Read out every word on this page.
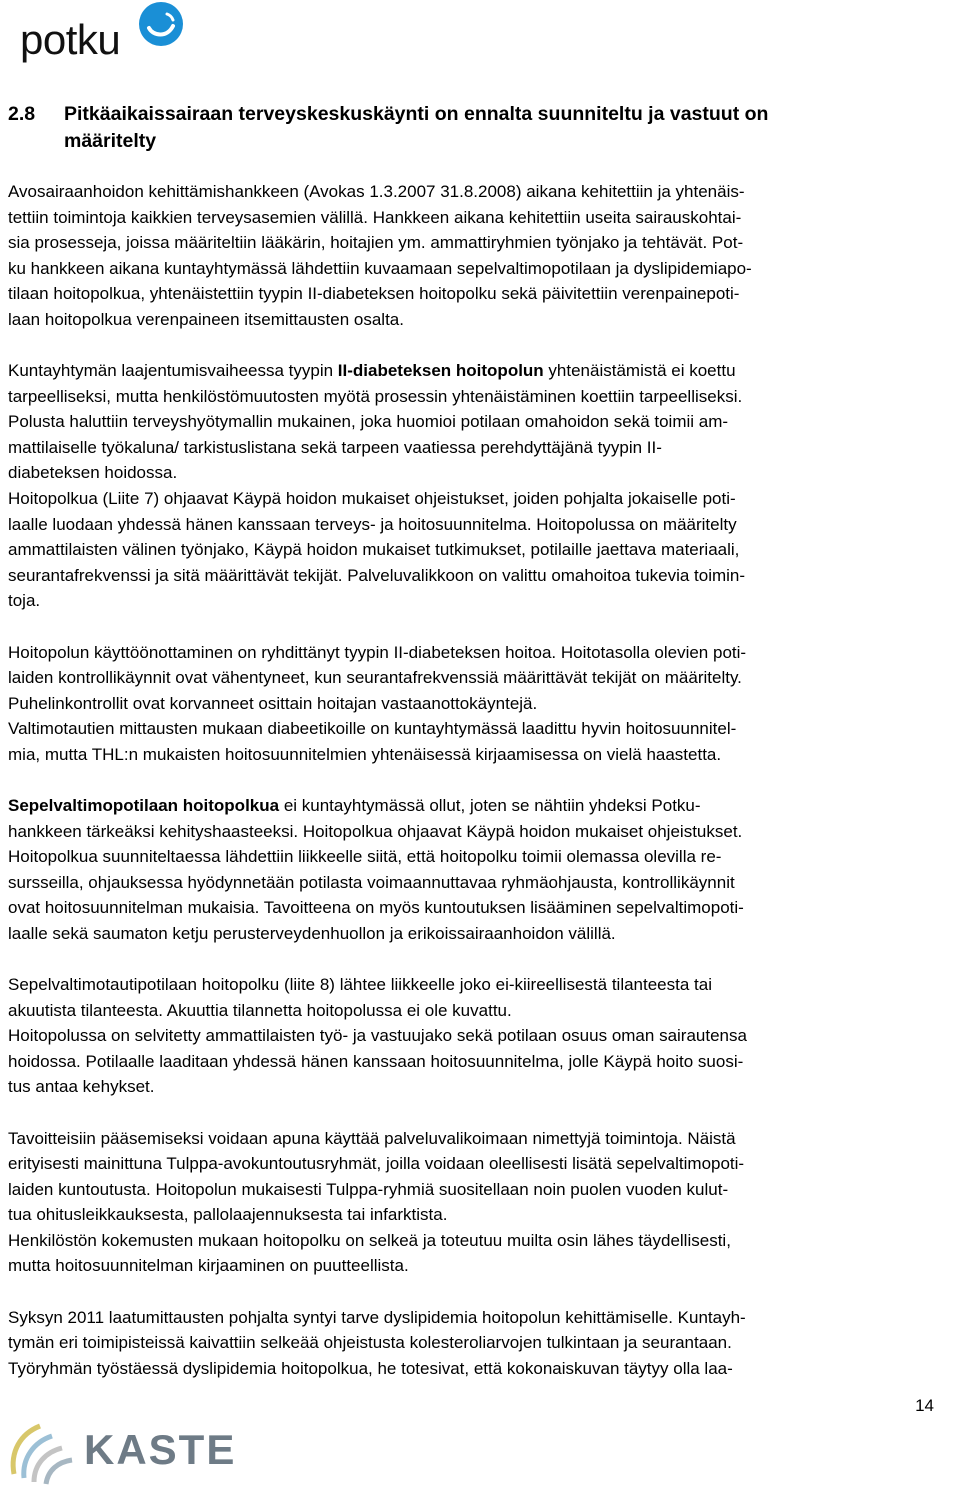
potku
2.8 Pitkäaikaissairaan terveyskeskuskäynti on ennalta suunniteltu ja vastuut on
määritelty

Avosairaanhoidon kehittämishankkeen (Avokas 1.3.2007 31.8.2008) aikana kehitettiin ja yhtenäis-

tettiin toimintoja kaikkien terveysasemien välillä. Hankkeen aikana kehitettiin useita sairauskohtai-

sia prosesseja, joissa määriteltiin lääkärin, hoitajien ym. ammattiryhmien työnjako ja tehtävät. Pot-

ku hankkeen aikana kuntayhtymässä lähdettiin kuvaamaan sepelvaltimopotilaan ja dyslipidemiapo-

tilaan hoitopolkua, yhtenäistettiin tyypin II-diabeteksen hoitopolku sekä päivitettiin verenpainepoti-

laan hoitopolkua verenpaineen itsemittausten osalta.

Kuntayhtymän laajentumisvaiheessa tyypin II-diabeteksen hoitopolun yhtenäistämistä ei koettu

tarpeelliseksi, mutta henkilöstömuutosten myötä prosessin yhtenäistäminen koettiin tarpeelliseksi.

Polusta haluttiin terveyshyötymallin mukainen, joka huomioi potilaan omahoidon sekä toimii am-

mattilaiselle työkaluna/ tarkistuslistana sekä tarpeen vaatiessa perehdyttäjänä tyypin II-

diabeteksen hoidossa.

Hoitopolkua (Liite 7) ohjaavat Käypä hoidon mukaiset ohjeistukset, joiden pohjalta jokaiselle poti-

laalle luodaan yhdessä hänen kanssaan terveys- ja hoitosuunnitelma. Hoitopolussa on määritelty

ammattilaisten välinen työnjako, Käypä hoidon mukaiset tutkimukset, potilaille jaettava materiaali,

seurantafrekvenssi ja sitä määrittävät tekijät. Palveluvalikkoon on valittu omahoitoa tukevia toimin-

toja.

Hoitopolun käyttöönottaminen on ryhdittänyt tyypin II-diabeteksen hoitoa. Hoitotasolla olevien poti-

laiden kontrollikäynnit ovat vähentyneet, kun seurantafrekvenssiä määrittävät tekijät on määritelty.

Puhelinkontrollit ovat korvanneet osittain hoitajan vastaanottokäyntejä.

Valtimotautien mittausten mukaan diabeetikoille on kuntayhtymässä laadittu hyvin hoitosuunnitel-

mia, mutta THL:n mukaisten hoitosuunnitelmien yhtenäisessä kirjaamisessa on vielä haastetta.

Sepelvaltimopotilaan hoitopolkua ei kuntayhtymässä ollut, joten se nähtiin yhdeksi Potku-

hankkeen tärkeäksi kehityshaasteeksi. Hoitopolkua ohjaavat Käypä hoidon mukaiset ohjeistukset.

Hoitopolkua suunniteltaessa lähdettiin liikkeelle siitä, että hoitopolku toimii olemassa olevilla re-

sursseilla, ohjauksessa hyödynnetään potilasta voimaannuttavaa ryhmäohjausta, kontrollikäynnit

ovat hoitosuunnitelman mukaisia. Tavoitteena on myös kuntoutuksen lisääminen sepelvaltimopoti-

laalle sekä saumaton ketju perusterveydenhuollon ja erikoissairaanhoidon välillä.

Sepelvaltimotautipotilaan hoitopolku (liite 8) lähtee liikkeelle joko ei-kiireellisestä tilanteesta tai

akuutista tilanteesta. Akuuttia tilannetta hoitopolussa ei ole kuvattu.

Hoitopolussa on selvitetty ammattilaisten työ- ja vastuujako sekä potilaan osuus oman sairautensa

hoidossa. Potilaalle laaditaan yhdessä hänen kanssaan hoitosuunnitelma, jolle Käypä hoito suosi-

tus antaa kehykset.

Tavoitteisiin pääsemiseksi voidaan apuna käyttää palveluvalikoimaan nimettyjä toimintoja. Näistä

erityisesti mainittuna Tulppa-avokuntoutusryhmät, joilla voidaan oleellisesti lisätä sepelvaltimopoti-

laiden kuntoutusta. Hoitopolun mukaisesti Tulppa-ryhmiä suositellaan noin puolen vuoden kulut-

tua ohitusleikkauksesta, pallolaajennuksesta tai infarktista.

Henkilöstön kokemusten mukaan hoitopolku on selkeä ja toteutuu muilta osin lähes täydellisesti,

mutta hoitosuunnitelman kirjaaminen on puutteellista.

Syksyn 2011 laatumittausten pohjalta syntyi tarve dyslipidemia hoitopolun kehittämiselle. Kuntayh-

tymän eri toimipisteissä kaivattiin selkeää ohjeistusta kolesteroliarvojen tulkintaan ja seurantaan.

Työryhmän työstäessä dyslipidemia hoitopolkua, he totesivat, että kokonaiskuvan täytyy olla laa-

KASTE
14
